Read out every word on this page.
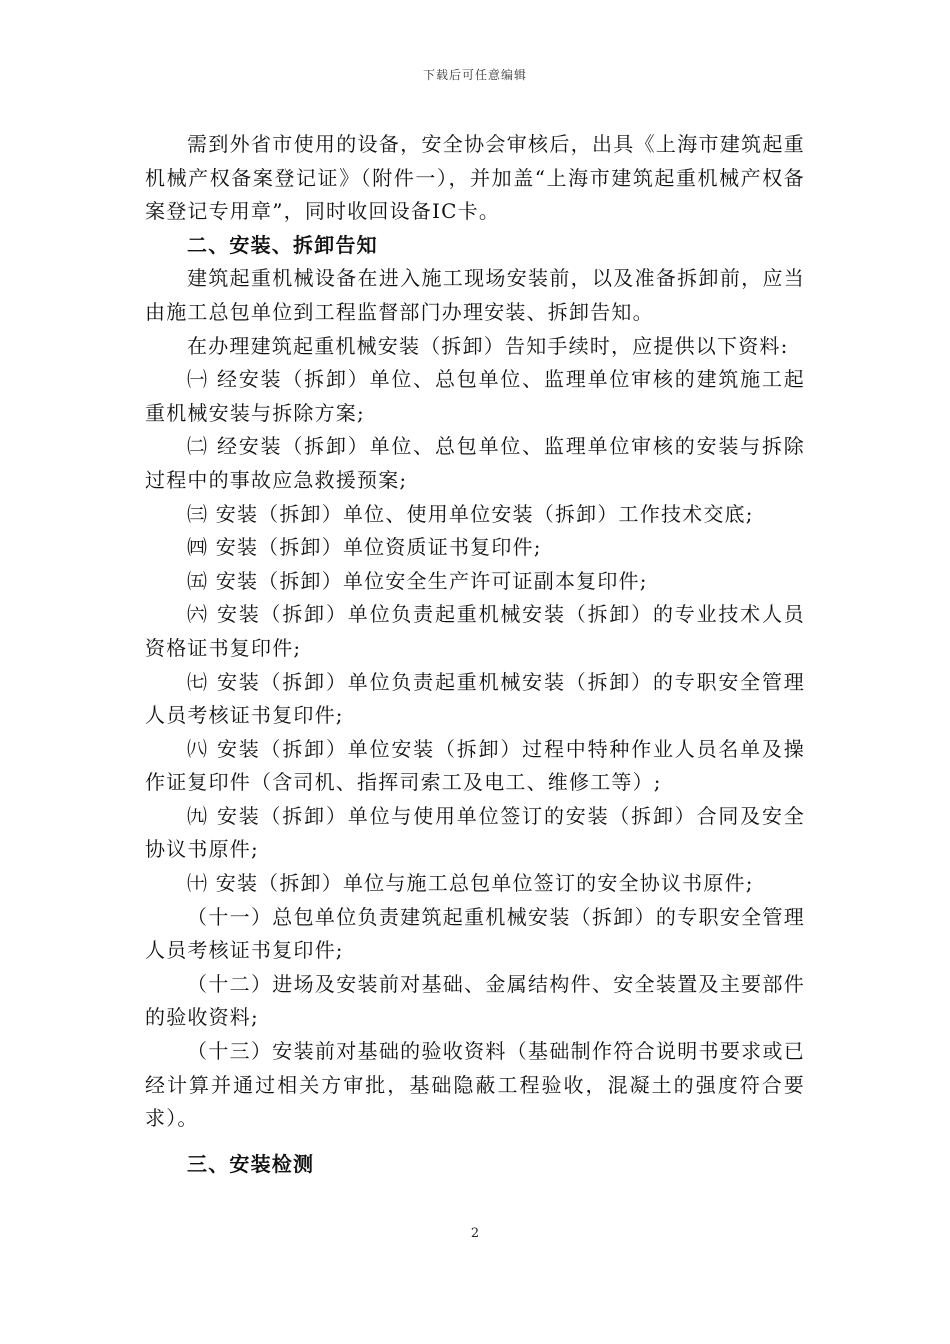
下载后可任意编辑

需到外省市使用的设备，安全协会审核后，出具《上海市建筑起重机械产权备案登记证》（附件一），并加盖“上海市建筑起重机械产权备案登记专用章”，同时收回设备IC卡。

二、安装、拆卸告知

建筑起重机械设备在进入施工现场安装前，以及准备拆卸前，应当由施工总包单位到工程监督部门办理安装、拆卸告知。

在办理建筑起重机械安装（拆卸）告知手续时，应提供以下资料:

㈠ 经安装（拆卸）单位、总包单位、监理单位审核的建筑施工起重机械安装与拆除方案;

㈡ 经安装（拆卸）单位、总包单位、监理单位审核的安装与拆除过程中的事故应急救援预案;

㈢ 安装（拆卸）单位、使用单位安装（拆卸）工作技术交底;

㈣ 安装（拆卸）单位资质证书复印件;

㈤ 安装（拆卸）单位安全生产许可证副本复印件;

㈥ 安装（拆卸）单位负责起重机械安装（拆卸）的专业技术人员资格证书复印件;

㈦ 安装（拆卸）单位负责起重机械安装（拆卸）的专职安全管理人员考核证书复印件;

㈧ 安装（拆卸）单位安装（拆卸）过程中特种作业人员名单及操作证复印件（含司机、指挥司索工及电工、维修工等）;

㈨ 安装（拆卸）单位与使用单位签订的安装（拆卸）合同及安全协议书原件;

㈩ 安装（拆卸）单位与施工总包单位签订的安全协议书原件;

（十一）总包单位负责建筑起重机械安装（拆卸）的专职安全管理人员考核证书复印件;

（十二）进场及安装前对基础、金属结构件、安全装置及主要部件的验收资料;

（十三）安装前对基础的验收资料（基础制作符合说明书要求或已经计算并通过相关方审批，基础隐蔽工程验收，混凝土的强度符合要求）。

三、安装检测

2
